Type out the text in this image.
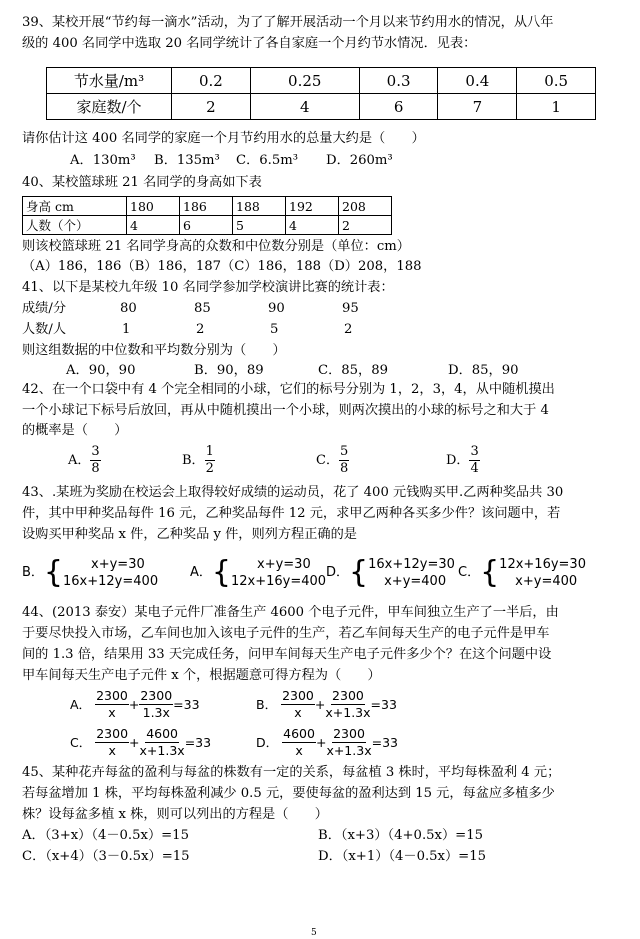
39、某校开展“节约每一滴水”活动，为了了解开展活动一个月以来节约用水的情况，从八年
级的 400 名同学中选取 20 名同学统计了各自家庭一个月约节水情况．见表：
节水量/m³	0.2	0.25	0.3	0.4	0.5
家庭数/个	2	4	6	7	1
请你估计这 400 名同学的家庭一个月节约用水的总量大约是（　　）
A．130m³ B．135m³ C．6.5m³ D．260m³
40、某校篮球班 21 名同学的身高如下表
身高 cm	180	186	188	192	208
人数（个）	4	6	5	4	2
则该校篮球班 21 名同学身高的众数和中位数分别是（单位：cm）
（A）186，186（B）186，187（C）186，188（D）208，188
41、以下是某校九年级 10 名同学参加学校演讲比赛的统计表：
成绩/分	80	85	90	95
人数/人	1	2	5	2
则这组数据的中位数和平均数分别为（　　）
A．90，90	B．90，89	C．85，89	D．85，90
42、在一个口袋中有 4 个完全相同的小球，它们的标号分别为 1，2，3，4，从中随机摸出
一个小球记下标号后放回，再从中随机摸出一个小球，则两次摸出的小球的标号之和大于 4
的概率是（　　）
A． $\frac{3}{8}$	B． $\frac{1}{2}$	C． $\frac{5}{8}$	D． $\frac{3}{4}$
43、.某班为奖励在校运会上取得较好成绩的运动员，花了 400 元钱购买甲.乙两种奖品共 30
件，其中甲种奖品每件 16 元，乙种奖品每件 12 元，求甲乙两种各买多少件？该问题中，若
设购买甲种奖品 x 件，乙种奖品 y 件，则列方程正确的是
B． {	x+y=30
16x+12y=400
A． {	x+y=30
12x+16y=400
D． { 16x+12y=30
x+y=400
C． { 12x+16y=30
x+y=400
44、(2013 泰安）某电子元件厂准备生产 4600 个电子元件，甲车间独立生产了一半后，由
于要尽快投入市场，乙车间也加入该电子元件的生产，若乙车间每天生产的电子元件是甲车
间的 1.3 倍，结果用 33 天完成任务，问甲车间每天生产电子元件多少个？在这个问题中设
甲车间每天生产电子元件 x 个，根据题意可得方程为（　　）
A． $\frac{2300}{x} + \frac{2300}{1.3x} =33$	B． $\frac{2300}{x} + \frac{2300}{x+1.3x} =33$
C． $\frac{2300}{x} + \frac{4600}{x+1.3x} =33$	D． $\frac{4600}{x} + \frac{2300}{x+1.3x} =33$
45、某种花卉每盆的盈利与每盆的株数有一定的关系，每盆植 3 株时，平均每株盈利 4 元；
若每盆增加 1 株，平均每株盈利减少 0.5 元，要使每盆的盈利达到 15 元，每盆应多植多少
株？设每盆多植 x 株，则可以列出的方程是（　　）
A．（3+x）（4－0.5x）=15	B．（x+3）（4+0.5x）=15
C．（x+4）（3－0.5x）=15	D．（x+1）（4－0.5x）=15
5
